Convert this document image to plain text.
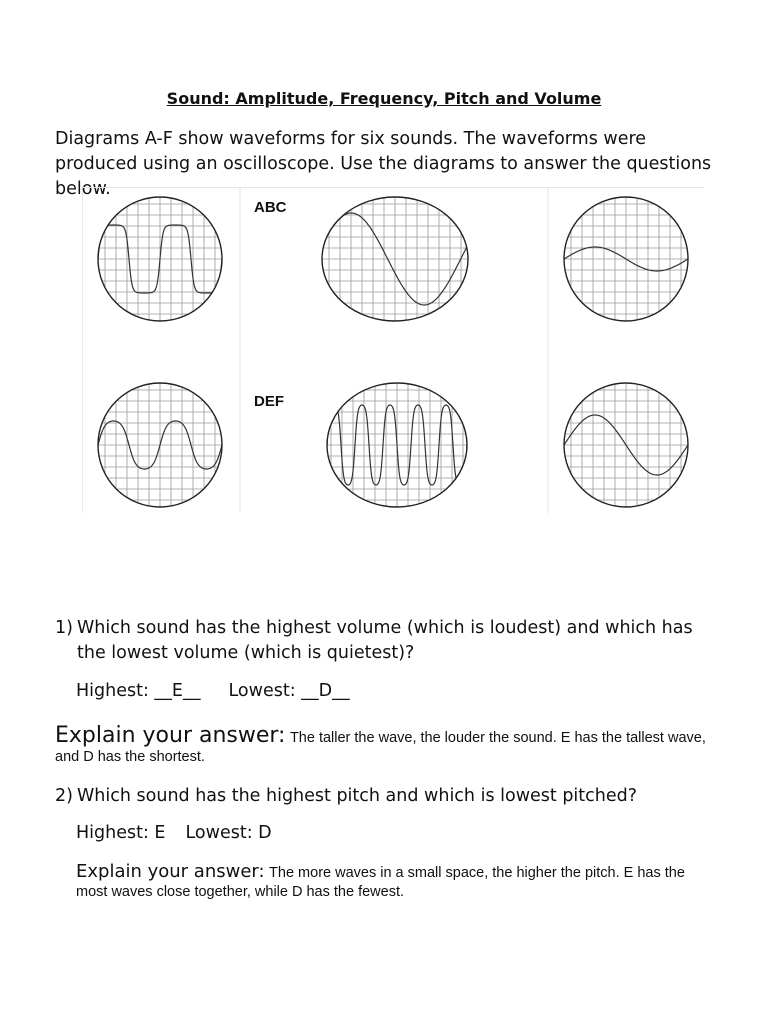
Sound: Amplitude, Frequency, Pitch and Volume
Diagrams A-F show waveforms for six sounds. The waveforms were produced using an oscilloscope. Use the diagrams to answer the questions below.
ABC
DEF
1) Which sound has the highest volume (which is loudest) and which has the lowest volume (which is quietest)?
Highest: __E__ Lowest: __D__
Explain your answer: The taller the wave, the louder the sound. E has the tallest wave, and D has the shortest.
2) Which sound has the highest pitch and which is lowest pitched?
Highest: E Lowest: D
Explain your answer: The more waves in a small space, the higher the pitch. E has the most waves close together, while D has the fewest.
